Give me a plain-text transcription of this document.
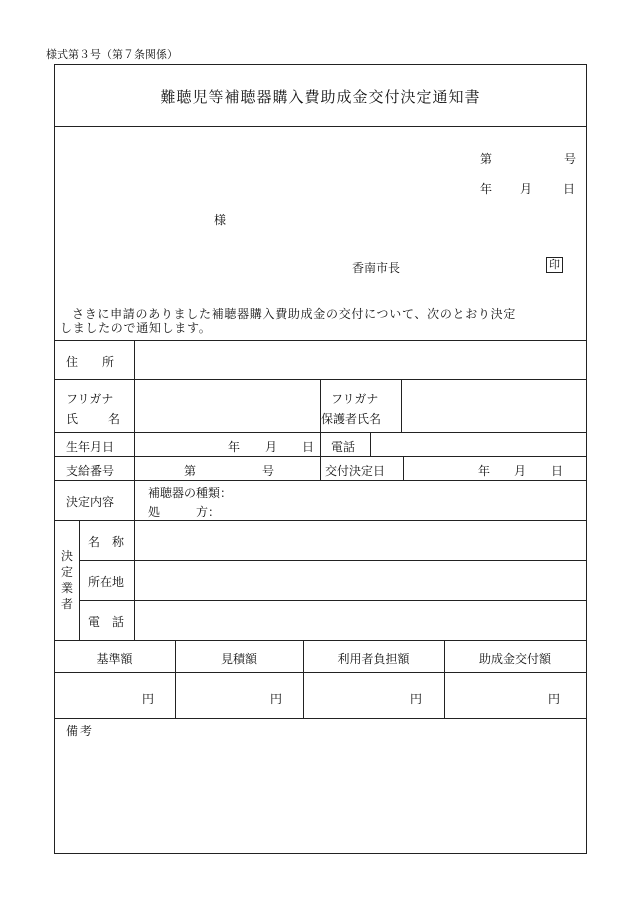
様式第３号（第７条関係）
難聴児等補聴器購入費助成金交付決定通知書
第	号
年 月	日
様
香南市長	印
さきに申請のありました補聴器購入費助成金の交付について、次のとおり決定
しましたので通知します。
住　　所
フリガナ
氏　　名
フリガナ
保護者氏名
生年月日	年 月 日 電話
支給番号	第	号	交付決定日	年 月 日
決定内容
補聴器の種類：
処　　　方：
決
定
業
者
名　称
所在地
電　話
基準額	見積額	利用者負担額	助成金交付額
円	円	円	円
備考
